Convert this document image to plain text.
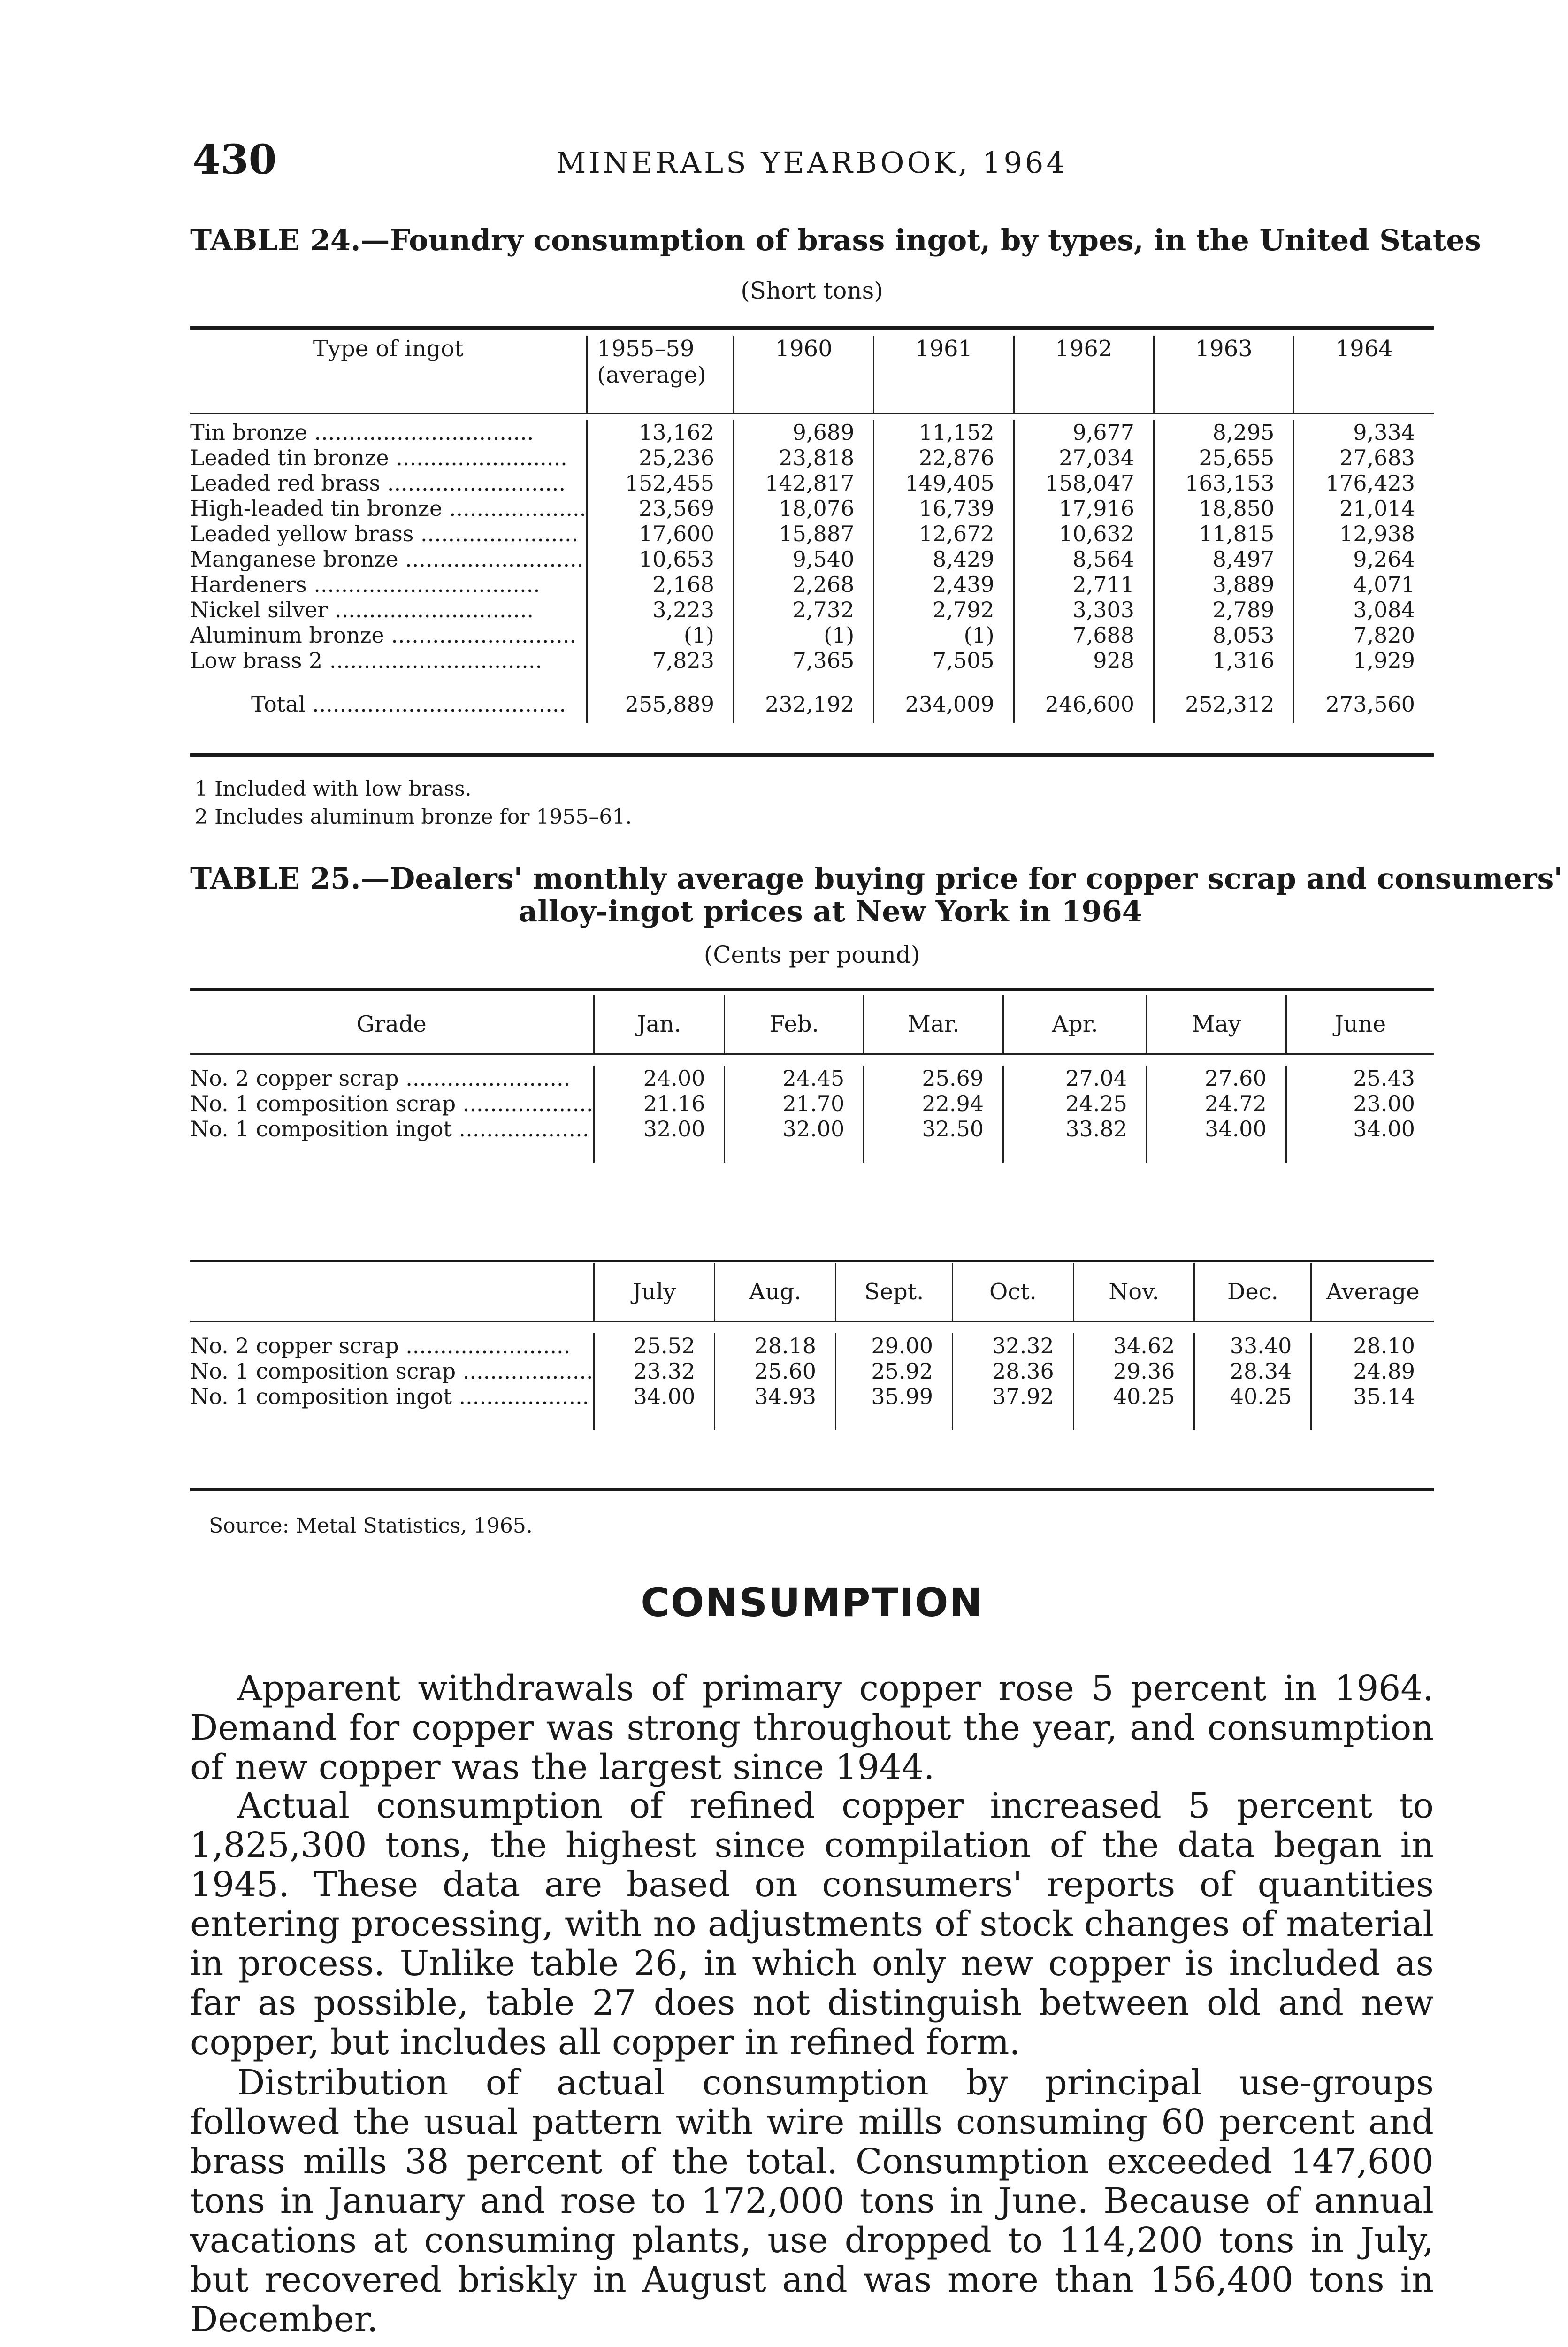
430	MINERALS YEARBOOK, 1964
TABLE 24.—Foundry consumption of brass ingot, by types, in the United States
(Short tons)
Type of ingot	1955–59 (average)	1960	1961	1962	1963	1964

Tin bronze ................................	13,162	9,689	11,152	9,677	8,295	9,334
Leaded tin bronze .........................	25,236	23,818	22,876	27,034	25,655	27,683
Leaded red brass ..........................	152,455	142,817	149,405	158,047	163,153	176,423
High-leaded tin bronze ....................	23,569	18,076	16,739	17,916	18,850	21,014
Leaded yellow brass .......................	17,600	15,887	12,672	10,632	11,815	12,938
Manganese bronze ..........................	10,653	9,540	8,429	8,564	8,497	9,264
Hardeners .................................	2,168	2,268	2,439	2,711	3,889	4,071
Nickel silver .............................	3,223	2,732	2,792	3,303	2,789	3,084
Aluminum bronze ...........................	(1)	(1)	(1)	7,688	8,053	7,820
Low brass 2 ...............................	7,823	7,365	7,505	928	1,316	1,929

Total .....................................	255,889	232,192	234,009	246,600	252,312	273,560
1 Included with low brass.
2 Includes aluminum bronze for 1955–61.
TABLE 25.—Dealers' monthly average buying price for copper scrap and consumers'
alloy-ingot prices at New York in 1964
(Cents per pound)
Grade	Jan.	Feb.	Mar.	Apr.	May	June

No. 2 copper scrap ........................	24.00	24.45	25.69	27.04	27.60	25.43
No. 1 composition scrap ...................	21.16	21.70	22.94	24.25	24.72	23.00
No. 1 composition ingot ...................	32.00	32.00	32.50	33.82	34.00	34.00

	July	Aug.	Sept.	Oct.	Nov.	Dec.	Average

No. 2 copper scrap ........................	25.52	28.18	29.00	32.32	34.62	33.40	28.10
No. 1 composition scrap ...................	23.32	25.60	25.92	28.36	29.36	28.34	24.89
No. 1 composition ingot ...................	34.00	34.93	35.99	37.92	40.25	40.25	35.14

Source: Metal Statistics, 1965.
CONSUMPTION

Apparent withdrawals of primary copper rose 5 percent in 1964. Demand for copper was strong throughout the year, and consumption of new copper was the largest since 1944.

Actual consumption of refined copper increased 5 percent to 1,825,300 tons, the highest since compilation of the data began in 1945. These data are based on consumers' reports of quantities entering processing, with no adjustments of stock changes of material in process. Unlike table 26, in which only new copper is included as far as possible, table 27 does not distinguish between old and new copper, but includes all copper in refined form.

Distribution of actual consumption by principal use-groups followed the usual pattern with wire mills consuming 60 percent and brass mills 38 percent of the total. Consumption exceeded 147,600 tons in January and rose to 172,000 tons in June. Because of annual vacations at consuming plants, use dropped to 114,200 tons in July, but recovered briskly in August and was more than 156,400 tons in December.
